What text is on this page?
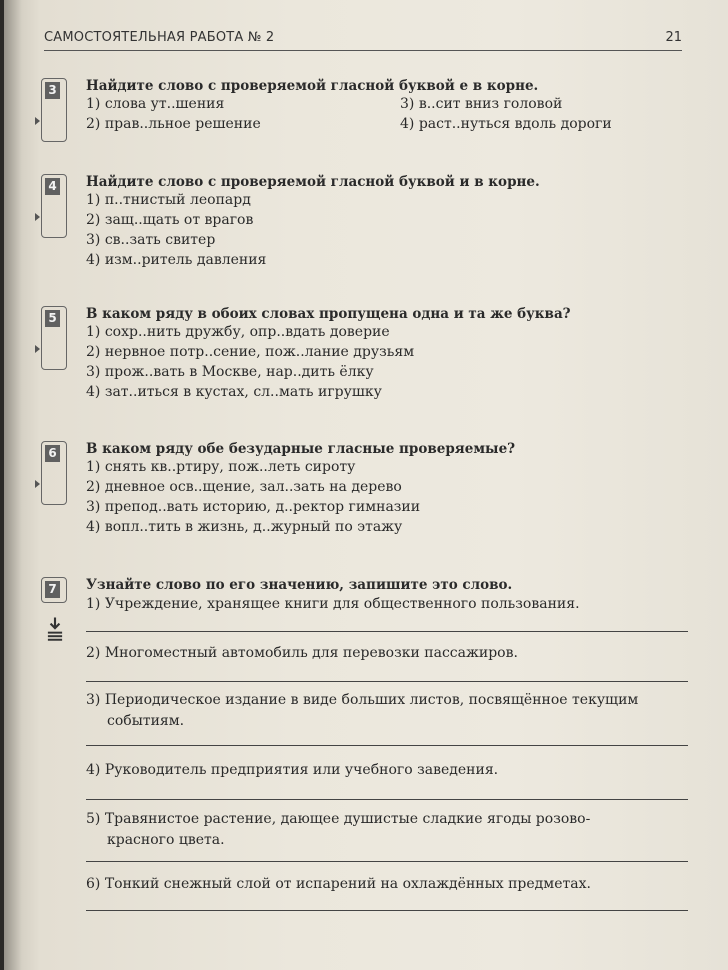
САМОСТОЯТЕЛЬНАЯ РАБОТА № 2	21
3 Найдите слово с проверяемой гласной буквой е в корне.
1) слова ут..шения
2) прав..льное решение
3) в..сит вниз головой
4) раст..нуться вдоль дороги
4 Найдите слово с проверяемой гласной буквой и в корне.
1) п..тнистый леопард
2) защ..щать от врагов
3) св..зать свитер
4) изм..ритель давления
5 В каком ряду в обоих словах пропущена одна и та же буква?
1) сохр..нить дружбу, опр..вдать доверие
2) нервное потр..сение, пож..лание друзьям
3) прож..вать в Москве, нар..дить ёлку
4) зат..иться в кустах, сл..мать игрушку
6 В каком ряду обе безударные гласные проверяемые?
1) снять кв..ртиру, пож..леть сироту
2) дневное осв..щение, зал..зать на дерево
3) препод..вать историю, д..ректор гимназии
4) вопл..тить в жизнь, д..журный по этажу
7 Узнайте слово по его значению, запишите это слово.
1) Учреждение, хранящее книги для общественного пользования.
2) Многоместный автомобиль для перевозки пассажиров.
3) Периодическое издание в виде больших листов, посвящённое текущим
событиям.
4) Руководитель предприятия или учебного заведения.
5) Травянистое растение, дающее душистые сладкие ягоды розово-
красного цвета.
6) Тонкий снежный слой от испарений на охлаждённых предметах.
